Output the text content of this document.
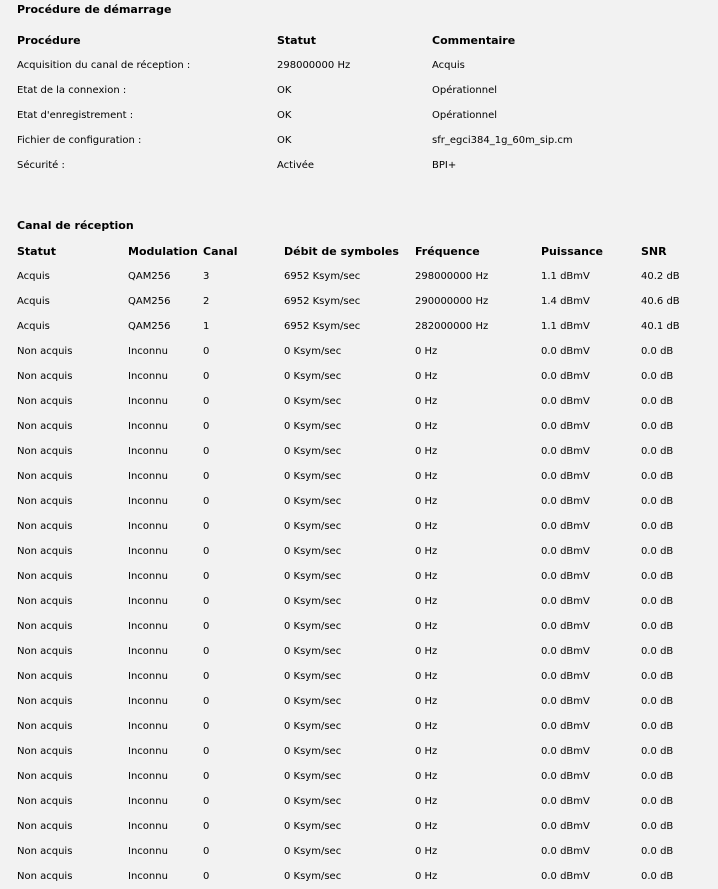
Procédure de démarrage
Procédure	Statut	Commentaire
Acquisition du canal de réception :	298000000 Hz	Acquis
Etat de la connexion :	OK	Opérationnel
Etat d'enregistrement :	OK	Opérationnel
Fichier de configuration :	OK	sfr_egci384_1g_60m_sip.cm
Sécurité :	Activée	BPI+
Canal de réception
Statut	Modulation	Canal	Débit de symboles	Fréquence	Puissance	SNR
Acquis	QAM256	3	6952 Ksym/sec	298000000 Hz	1.1 dBmV	40.2 dB
Acquis	QAM256	2	6952 Ksym/sec	290000000 Hz	1.4 dBmV	40.6 dB
Acquis	QAM256	1	6952 Ksym/sec	282000000 Hz	1.1 dBmV	40.1 dB
Non acquis	Inconnu	0	0 Ksym/sec	0 Hz	0.0 dBmV	0.0 dB
Non acquis	Inconnu	0	0 Ksym/sec	0 Hz	0.0 dBmV	0.0 dB
Non acquis	Inconnu	0	0 Ksym/sec	0 Hz	0.0 dBmV	0.0 dB
Non acquis	Inconnu	0	0 Ksym/sec	0 Hz	0.0 dBmV	0.0 dB
Non acquis	Inconnu	0	0 Ksym/sec	0 Hz	0.0 dBmV	0.0 dB
Non acquis	Inconnu	0	0 Ksym/sec	0 Hz	0.0 dBmV	0.0 dB
Non acquis	Inconnu	0	0 Ksym/sec	0 Hz	0.0 dBmV	0.0 dB
Non acquis	Inconnu	0	0 Ksym/sec	0 Hz	0.0 dBmV	0.0 dB
Non acquis	Inconnu	0	0 Ksym/sec	0 Hz	0.0 dBmV	0.0 dB
Non acquis	Inconnu	0	0 Ksym/sec	0 Hz	0.0 dBmV	0.0 dB
Non acquis	Inconnu	0	0 Ksym/sec	0 Hz	0.0 dBmV	0.0 dB
Non acquis	Inconnu	0	0 Ksym/sec	0 Hz	0.0 dBmV	0.0 dB
Non acquis	Inconnu	0	0 Ksym/sec	0 Hz	0.0 dBmV	0.0 dB
Non acquis	Inconnu	0	0 Ksym/sec	0 Hz	0.0 dBmV	0.0 dB
Non acquis	Inconnu	0	0 Ksym/sec	0 Hz	0.0 dBmV	0.0 dB
Non acquis	Inconnu	0	0 Ksym/sec	0 Hz	0.0 dBmV	0.0 dB
Non acquis	Inconnu	0	0 Ksym/sec	0 Hz	0.0 dBmV	0.0 dB
Non acquis	Inconnu	0	0 Ksym/sec	0 Hz	0.0 dBmV	0.0 dB
Non acquis	Inconnu	0	0 Ksym/sec	0 Hz	0.0 dBmV	0.0 dB
Non acquis	Inconnu	0	0 Ksym/sec	0 Hz	0.0 dBmV	0.0 dB
Non acquis	Inconnu	0	0 Ksym/sec	0 Hz	0.0 dBmV	0.0 dB
Non acquis	Inconnu	0	0 Ksym/sec	0 Hz	0.0 dBmV	0.0 dB
